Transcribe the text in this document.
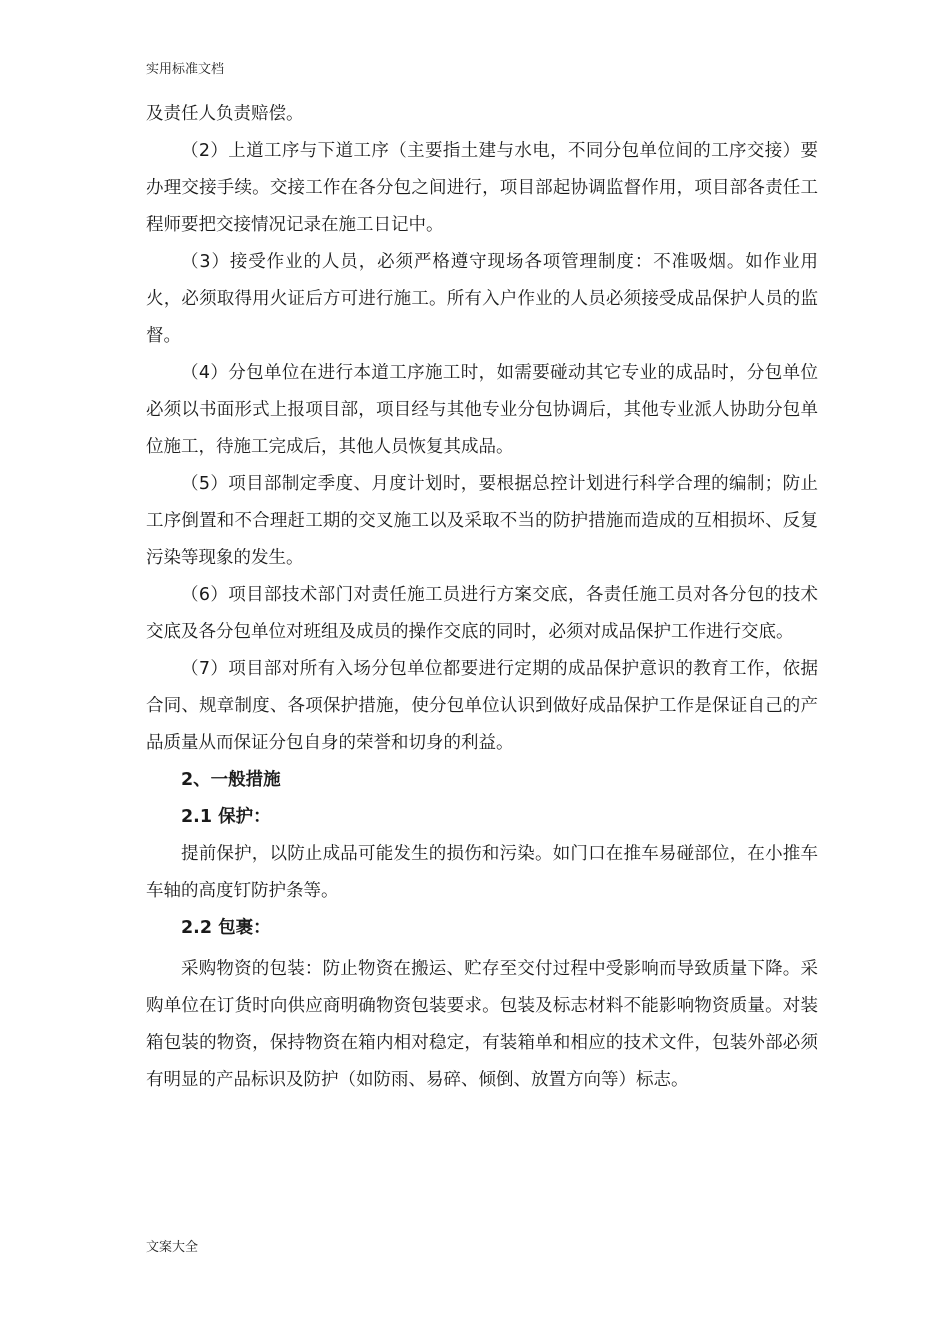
实用标准文档

及责任人负责赔偿。

（2）上道工序与下道工序（主要指土建与水电，不同分包单位间的工序交接）要办理交接手续。交接工作在各分包之间进行，项目部起协调监督作用，项目部各责任工程师要把交接情况记录在施工日记中。

（3）接受作业的人员，必须严格遵守现场各项管理制度：不准吸烟。如作业用火，必须取得用火证后方可进行施工。所有入户作业的人员必须接受成品保护人员的监督。

（4）分包单位在进行本道工序施工时，如需要碰动其它专业的成品时，分包单位必须以书面形式上报项目部，项目经与其他专业分包协调后，其他专业派人协助分包单位施工，待施工完成后，其他人员恢复其成品。

（5）项目部制定季度、月度计划时，要根据总控计划进行科学合理的编制；防止工序倒置和不合理赶工期的交叉施工以及采取不当的防护措施而造成的互相损坏、反复污染等现象的发生。

（6）项目部技术部门对责任施工员进行方案交底，各责任施工员对各分包的技术交底及各分包单位对班组及成员的操作交底的同时，必须对成品保护工作进行交底。

（7）项目部对所有入场分包单位都要进行定期的成品保护意识的教育工作，依据合同、规章制度、各项保护措施，使分包单位认识到做好成品保护工作是保证自己的产品质量从而保证分包自身的荣誉和切身的利益。

2、一般措施

2.1 保护：

提前保护，以防止成品可能发生的损伤和污染。如门口在推车易碰部位，在小推车车轴的高度钉防护条等。

2.2 包裹：

采购物资的包装：防止物资在搬运、贮存至交付过程中受影响而导致质量下降。采购单位在订货时向供应商明确物资包装要求。包装及标志材料不能影响物资质量。对装箱包装的物资，保持物资在箱内相对稳定，有装箱单和相应的技术文件，包装外部必须有明显的产品标识及防护（如防雨、易碎、倾倒、放置方向等）标志。

文案大全
